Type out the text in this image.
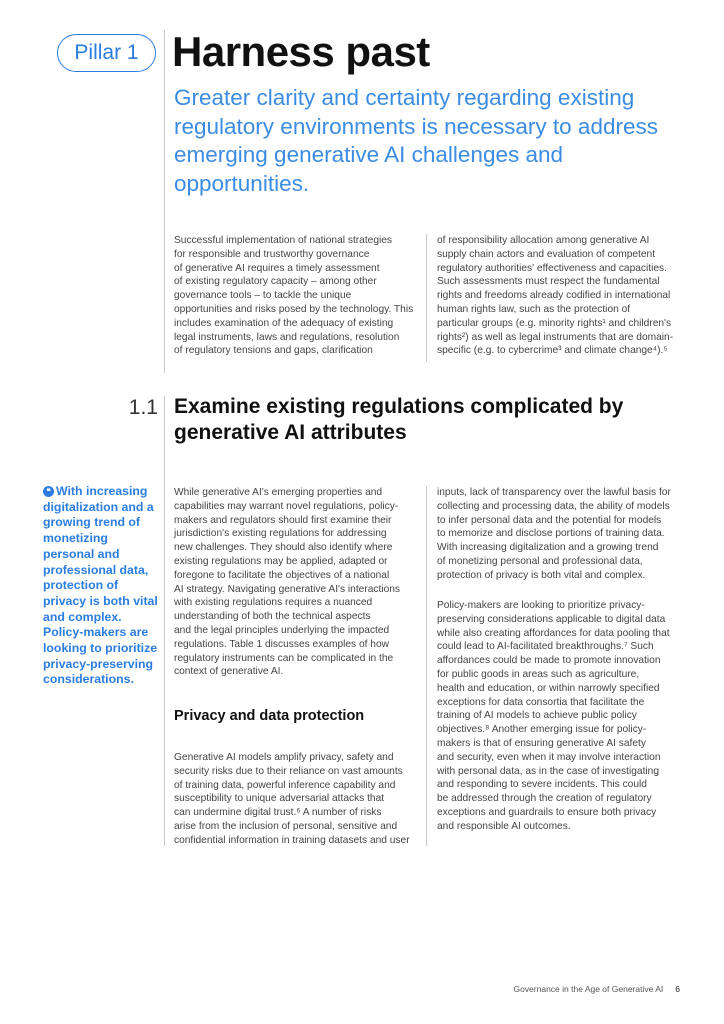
Pillar 1 Harness past
Greater clarity and certainty regarding existing regulatory environments is necessary to address emerging generative AI challenges and opportunities.
Successful implementation of national strategies
for responsible and trustworthy governance
of generative AI requires a timely assessment
of existing regulatory capacity – among other
governance tools – to tackle the unique
opportunities and risks posed by the technology. This
includes examination of the adequacy of existing
legal instruments, laws and regulations, resolution
of regulatory tensions and gaps, clarification
of responsibility allocation among generative AI
supply chain actors and evaluation of competent
regulatory authorities' effectiveness and capacities.
Such assessments must respect the fundamental
rights and freedoms already codified in international
human rights law, such as the protection of
particular groups (e.g. minority rights¹ and children's
rights²) as well as legal instruments that are domain-
specific (e.g. to cybercrime³ and climate change⁴).⁵
1.1 Examine existing regulations complicated by generative AI attributes
❝ With increasing digitalization and a growing trend of monetizing personal and professional data, protection of privacy is both vital and complex. Policy-makers are looking to prioritize privacy-preserving considerations.
While generative AI's emerging properties and
capabilities may warrant novel regulations, policy-
makers and regulators should first examine their
jurisdiction's existing regulations for addressing
new challenges. They should also identify where
existing regulations may be applied, adapted or
foregone to facilitate the objectives of a national
AI strategy. Navigating generative AI's interactions
with existing regulations requires a nuanced
understanding of both the technical aspects
and the legal principles underlying the impacted
regulations. Table 1 discusses examples of how
regulatory instruments can be complicated in the
context of generative AI.
Privacy and data protection
Generative AI models amplify privacy, safety and
security risks due to their reliance on vast amounts
of training data, powerful inference capability and
susceptibility to unique adversarial attacks that
can undermine digital trust.⁶ A number of risks
arise from the inclusion of personal, sensitive and
confidential information in training datasets and user
inputs, lack of transparency over the lawful basis for
collecting and processing data, the ability of models
to infer personal data and the potential for models
to memorize and disclose portions of training data.
With increasing digitalization and a growing trend
of monetizing personal and professional data,
protection of privacy is both vital and complex.
Policy-makers are looking to prioritize privacy-
preserving considerations applicable to digital data
while also creating affordances for data pooling that
could lead to AI-facilitated breakthroughs.⁷ Such
affordances could be made to promote innovation
for public goods in areas such as agriculture,
health and education, or within narrowly specified
exceptions for data consortia that facilitate the
training of AI models to achieve public policy
objectives.⁸ Another emerging issue for policy-
makers is that of ensuring generative AI safety
and security, even when it may involve interaction
with personal data, as in the case of investigating
and responding to severe incidents. This could
be addressed through the creation of regulatory
exceptions and guardrails to ensure both privacy
and responsible AI outcomes.
Governance in the Age of Generative AI 6
